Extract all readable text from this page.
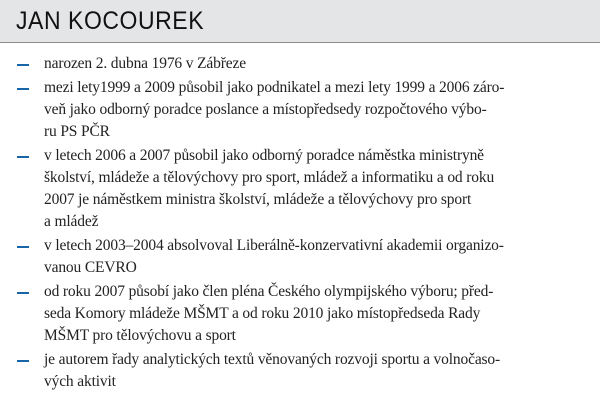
JAN KOCOUREK
narozen 2. dubna 1976 v Zábřeze
mezi lety1999 a 2009 působil jako podnikatel a mezi lety 1999 a 2006 záro-
veň jako odborný poradce poslance a místopředsedy rozpočtového výbo-
ru PS PČR
v letech 2006 a 2007 působil jako odborný poradce náměstka ministryně
školství, mládeže a tělovýchovy pro sport, mládež a informatiku a od roku
2007 je náměstkem ministra školství, mládeže a tělovýchovy pro sport
a mládež
v letech 2003–2004 absolvoval Liberálně-konzervativní akademii organizo-
vanou CEVRO
od roku 2007 působí jako člen pléna Českého olympijského výboru; před-
seda Komory mládeže MŠMT a od roku 2010 jako místopředseda Rady
MŠMT pro tělovýchovu a sport
je autorem řady analytických textů věnovaných rozvoji sportu a volnočaso-
vých aktivit
